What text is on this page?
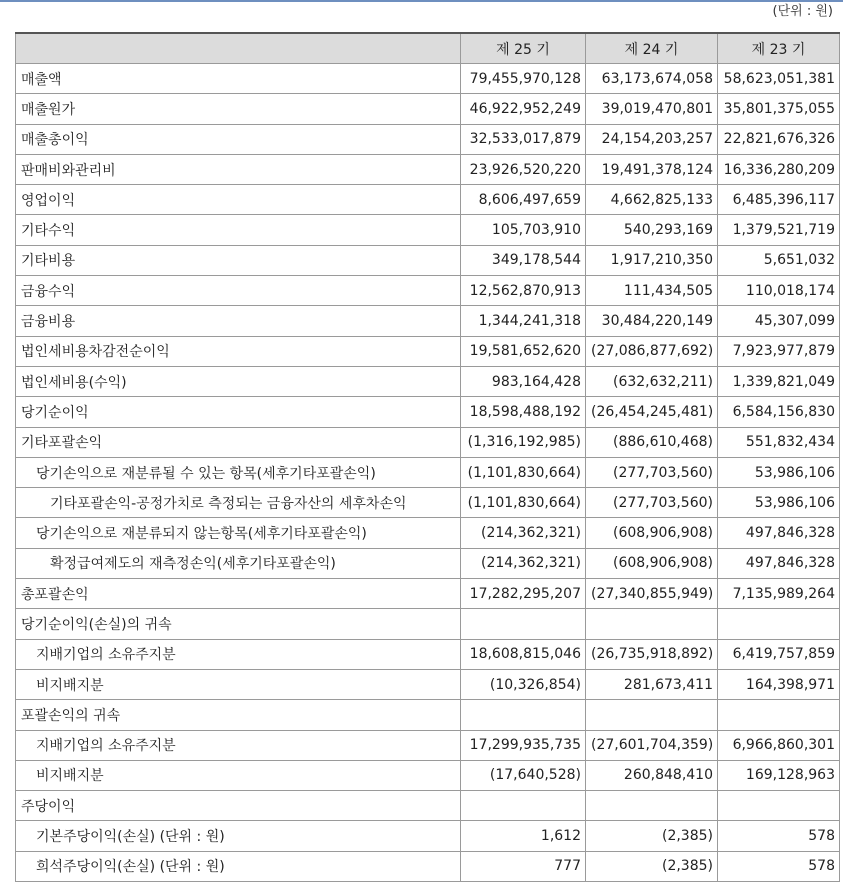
(단위 : 원)
	제 25 기	제 24 기	제 23 기
매출액	79,455,970,128	63,173,674,058	58,623,051,381
매출원가	46,922,952,249	39,019,470,801	35,801,375,055
매출총이익	32,533,017,879	24,154,203,257	22,821,676,326
판매비와관리비	23,926,520,220	19,491,378,124	16,336,280,209
영업이익	8,606,497,659	4,662,825,133	6,485,396,117
기타수익	105,703,910	540,293,169	1,379,521,719
기타비용	349,178,544	1,917,210,350	5,651,032
금융수익	12,562,870,913	111,434,505	110,018,174
금융비용	1,344,241,318	30,484,220,149	45,307,099
법인세비용차감전순이익	19,581,652,620	(27,086,877,692)	7,923,977,879
법인세비용(수익)	983,164,428	(632,632,211)	1,339,821,049
당기순이익	18,598,488,192	(26,454,245,481)	6,584,156,830
기타포괄손익	(1,316,192,985)	(886,610,468)	551,832,434
당기손익으로 재분류될 수 있는 항목(세후기타포괄손익)	(1,101,830,664)	(277,703,560)	53,986,106
기타포괄손익-공정가치로 측정되는 금융자산의 세후차손익	(1,101,830,664)	(277,703,560)	53,986,106
당기손익으로 재분류되지 않는항목(세후기타포괄손익)	(214,362,321)	(608,906,908)	497,846,328
확정급여제도의 재측정손익(세후기타포괄손익)	(214,362,321)	(608,906,908)	497,846,328
총포괄손익	17,282,295,207	(27,340,855,949)	7,135,989,264
당기순이익(손실)의 귀속			
지배기업의 소유주지분	18,608,815,046	(26,735,918,892)	6,419,757,859
비지배지분	(10,326,854)	281,673,411	164,398,971
포괄손익의 귀속			
지배기업의 소유주지분	17,299,935,735	(27,601,704,359)	6,966,860,301
비지배지분	(17,640,528)	260,848,410	169,128,963
주당이익			
기본주당이익(손실) (단위 : 원)	1,612	(2,385)	578
희석주당이익(손실) (단위 : 원)	777	(2,385)	578
